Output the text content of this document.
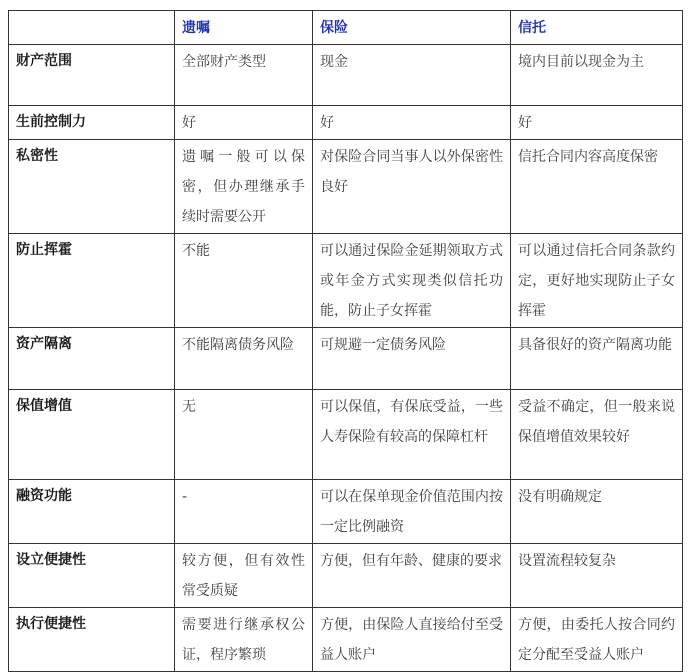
	遗嘱	保险	信托
财产范围	全部财产类型	现金	境内目前以现金为主
生前控制力	好	好	好
私密性	遗嘱一般可以保密，但办理继承手续时需要公开	对保险合同当事人以外保密性良好	信托合同内容高度保密
防止挥霍	不能	可以通过保险金延期领取方式或年金方式实现类似信托功能，防止子女挥霍	可以通过信托合同条款约定，更好地实现防止子女挥霍
资产隔离	不能隔离债务风险	可规避一定债务风险	具备很好的资产隔离功能
保值增值	无	可以保值，有保底受益，一些人寿保险有较高的保障杠杆	受益不确定，但一般来说保值增值效果较好
融资功能	-	可以在保单现金价值范围内按一定比例融资	没有明确规定
设立便捷性	较方便，但有效性常受质疑	方便，但有年龄、健康的要求	设置流程较复杂
执行便捷性	需要进行继承权公证，程序繁琐	方便，由保险人直接给付至受益人账户	方便，由委托人按合同约定分配至受益人账户
